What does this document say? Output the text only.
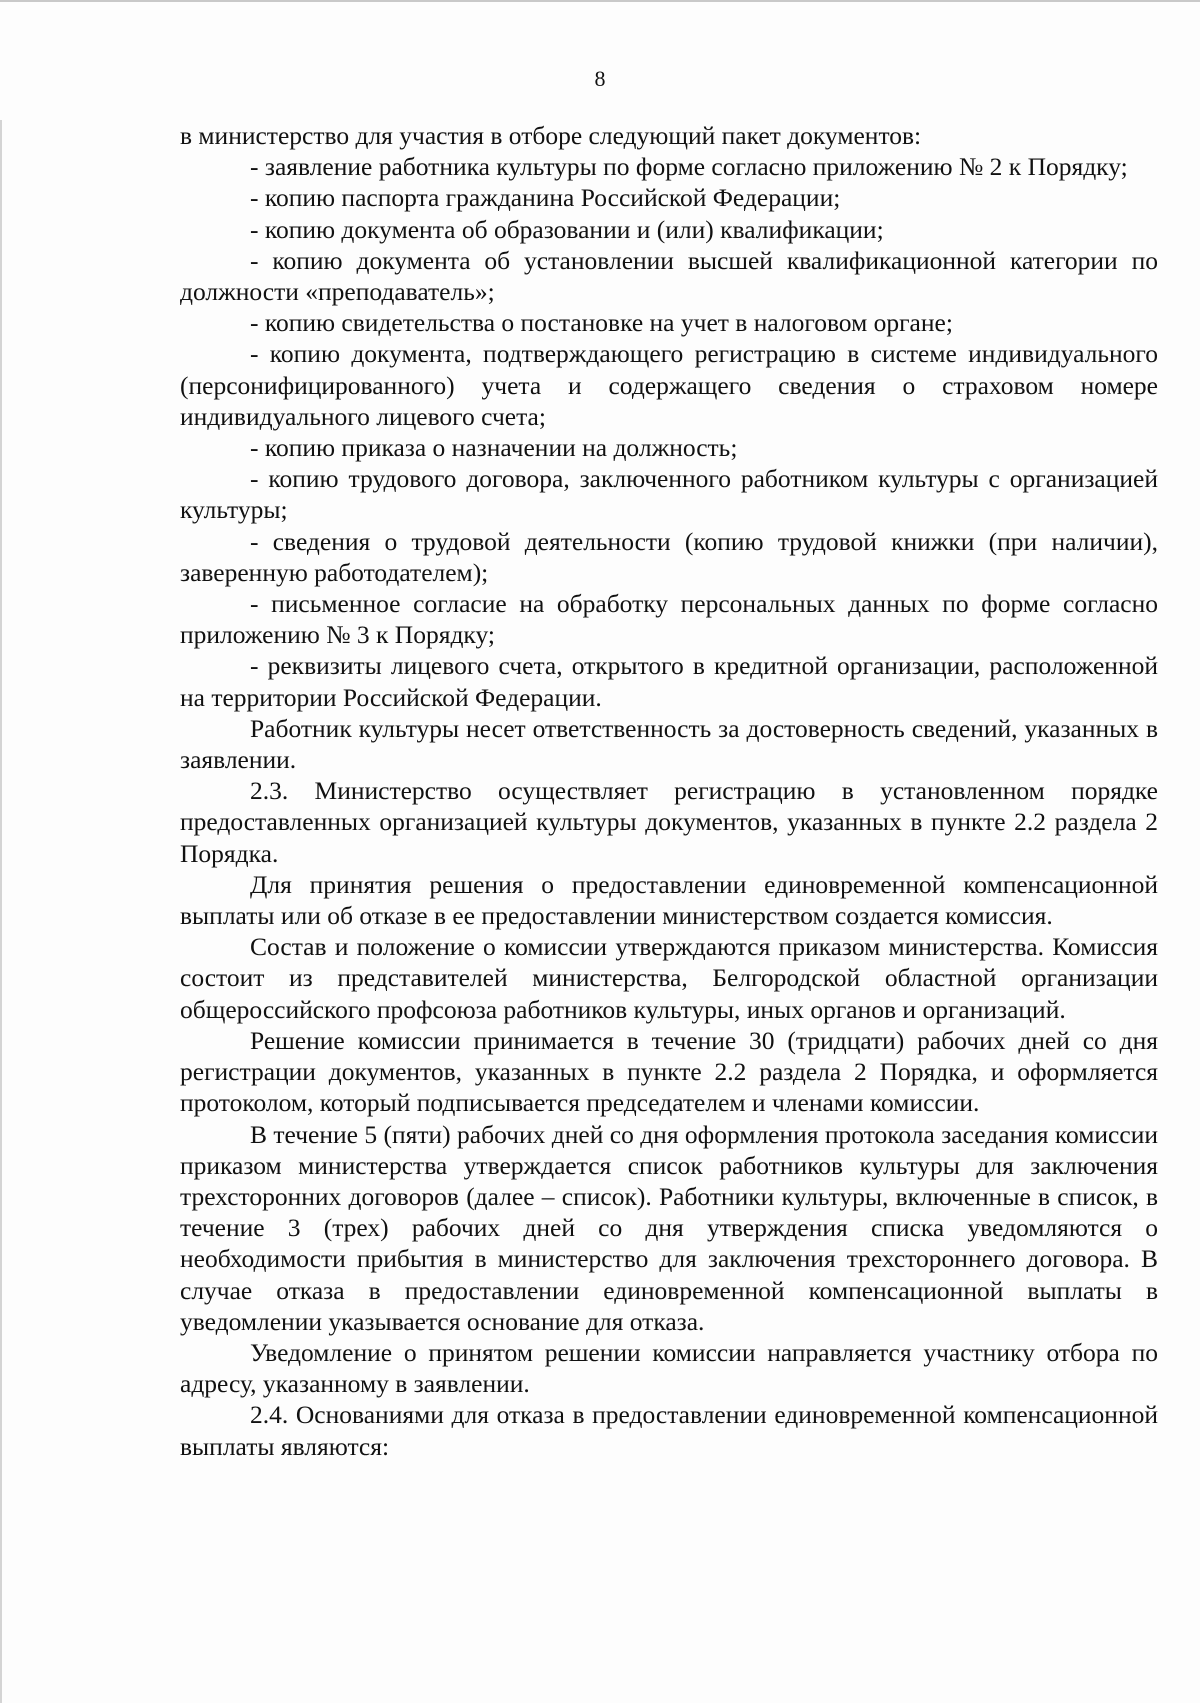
8

в министерство для участия в отборе следующий пакет документов:

- заявление работника культуры по форме согласно приложению № 2 к Порядку;

- копию паспорта гражданина Российской Федерации;

- копию документа об образовании и (или) квалификации;

- копию документа об установлении высшей квалификационной категории по должности «преподаватель»;

- копию свидетельства о постановке на учет в налоговом органе;

- копию документа, подтверждающего регистрацию в системе индивидуального (персонифицированного) учета и содержащего сведения о страховом номере индивидуального лицевого счета;

- копию приказа о назначении на должность;

- копию трудового договора, заключенного работником культуры с организацией культуры;

- сведения о трудовой деятельности (копию трудовой книжки (при наличии), заверенную работодателем);

- письменное согласие на обработку персональных данных по форме согласно приложению № 3 к Порядку;

- реквизиты лицевого счета, открытого в кредитной организации, расположенной на территории Российской Федерации.

Работник культуры несет ответственность за достоверность сведений, указанных в заявлении.

2.3. Министерство осуществляет регистрацию в установленном порядке предоставленных организацией культуры документов, указанных в пункте 2.2 раздела 2 Порядка.

Для принятия решения о предоставлении единовременной компенсационной выплаты или об отказе в ее предоставлении министерством создается комиссия.

Состав и положение о комиссии утверждаются приказом министерства. Комиссия состоит из представителей министерства, Белгородской областной организации общероссийского профсоюза работников культуры, иных органов и организаций.

Решение комиссии принимается в течение 30 (тридцати) рабочих дней со дня регистрации документов, указанных в пункте 2.2 раздела 2 Порядка, и оформляется протоколом, который подписывается председателем и членами комиссии.

В течение 5 (пяти) рабочих дней со дня оформления протокола заседания комиссии приказом министерства утверждается список работников культуры для заключения трехсторонних договоров (далее – список). Работники культуры, включенные в список, в течение 3 (трех) рабочих дней со дня утверждения списка уведомляются о необходимости прибытия в министерство для заключения трехстороннего договора. В случае отказа в предоставлении единовременной компенсационной выплаты в уведомлении указывается основание для отказа.

Уведомление о принятом решении комиссии направляется участнику отбора по адресу, указанному в заявлении.

2.4. Основаниями для отказа в предоставлении единовременной компенсационной выплаты являются:
